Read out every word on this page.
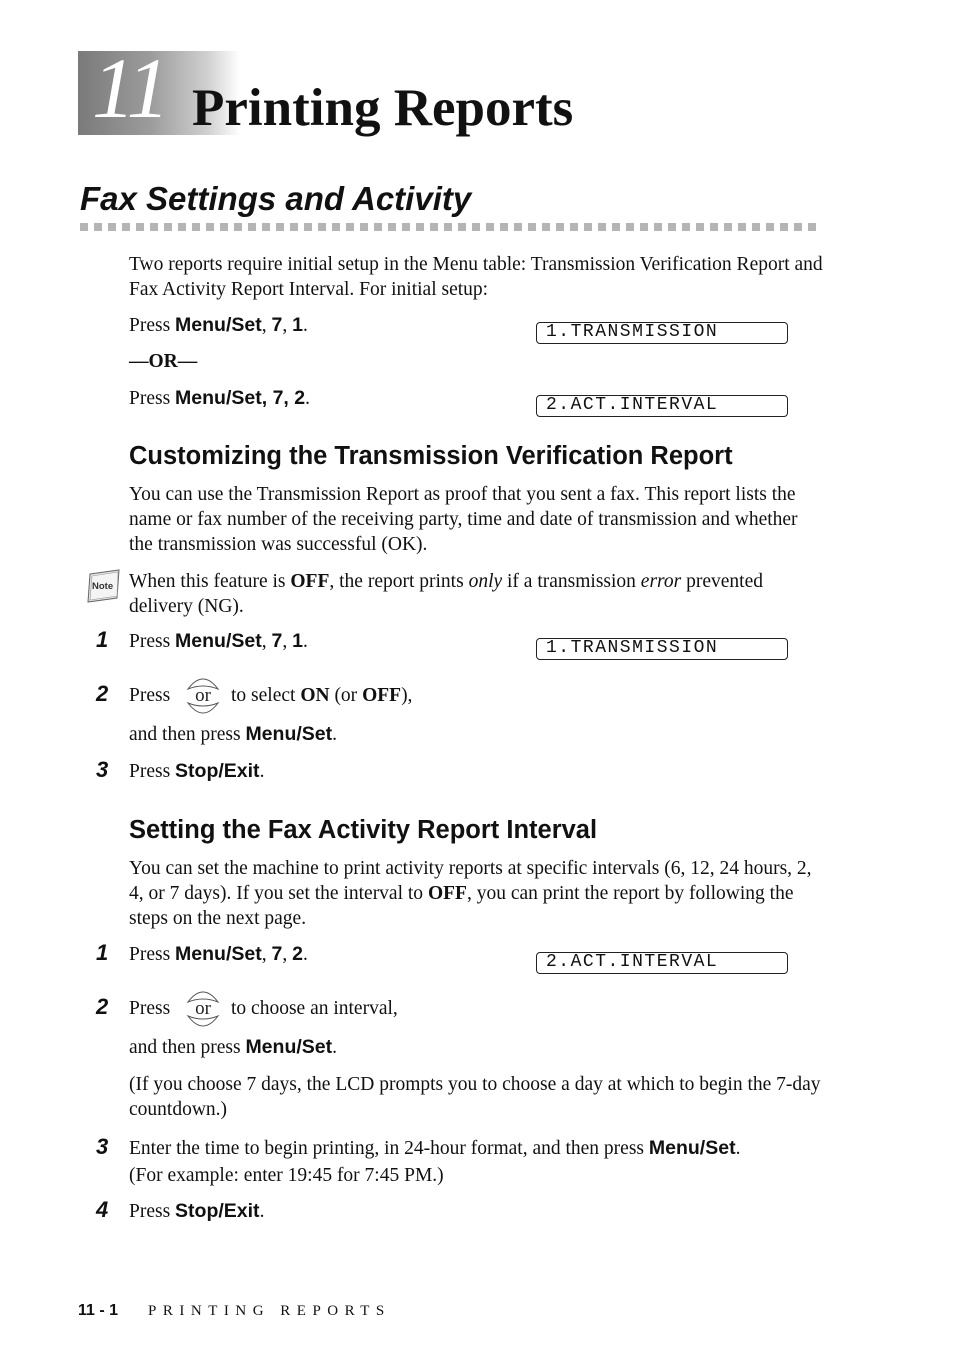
11 Printing Reports
Fax Settings and Activity
Two reports require initial setup in the Menu table: Transmission Verification Report and Fax Activity Report Interval. For initial setup:
Press Menu/Set, 7, 1.	1.TRANSMISSION
—OR—
Press Menu/Set, 7, 2.	2.ACT.INTERVAL
Customizing the Transmission Verification Report
You can use the Transmission Report as proof that you sent a fax. This report lists the name or fax number of the receiving party, time and date of transmission and whether the transmission was successful (OK).
Note When this feature is OFF, the report prints only if a transmission error prevented delivery (NG).
1 Press Menu/Set, 7, 1.	1.TRANSMISSION
2 Press or to select ON (or OFF),
and then press Menu/Set.
3 Press Stop/Exit.
Setting the Fax Activity Report Interval
You can set the machine to print activity reports at specific intervals (6, 12, 24 hours, 2, 4, or 7 days). If you set the interval to OFF, you can print the report by following the steps on the next page.
1 Press Menu/Set, 7, 2.	2.ACT.INTERVAL
2 Press or to choose an interval,
and then press Menu/Set.
(If you choose 7 days, the LCD prompts you to choose a day at which to begin the 7-day countdown.)
3 Enter the time to begin printing, in 24-hour format, and then press Menu/Set.
(For example: enter 19:45 for 7:45 PM.)
4 Press Stop/Exit.
11 - 1 PRINTING REPORTS
